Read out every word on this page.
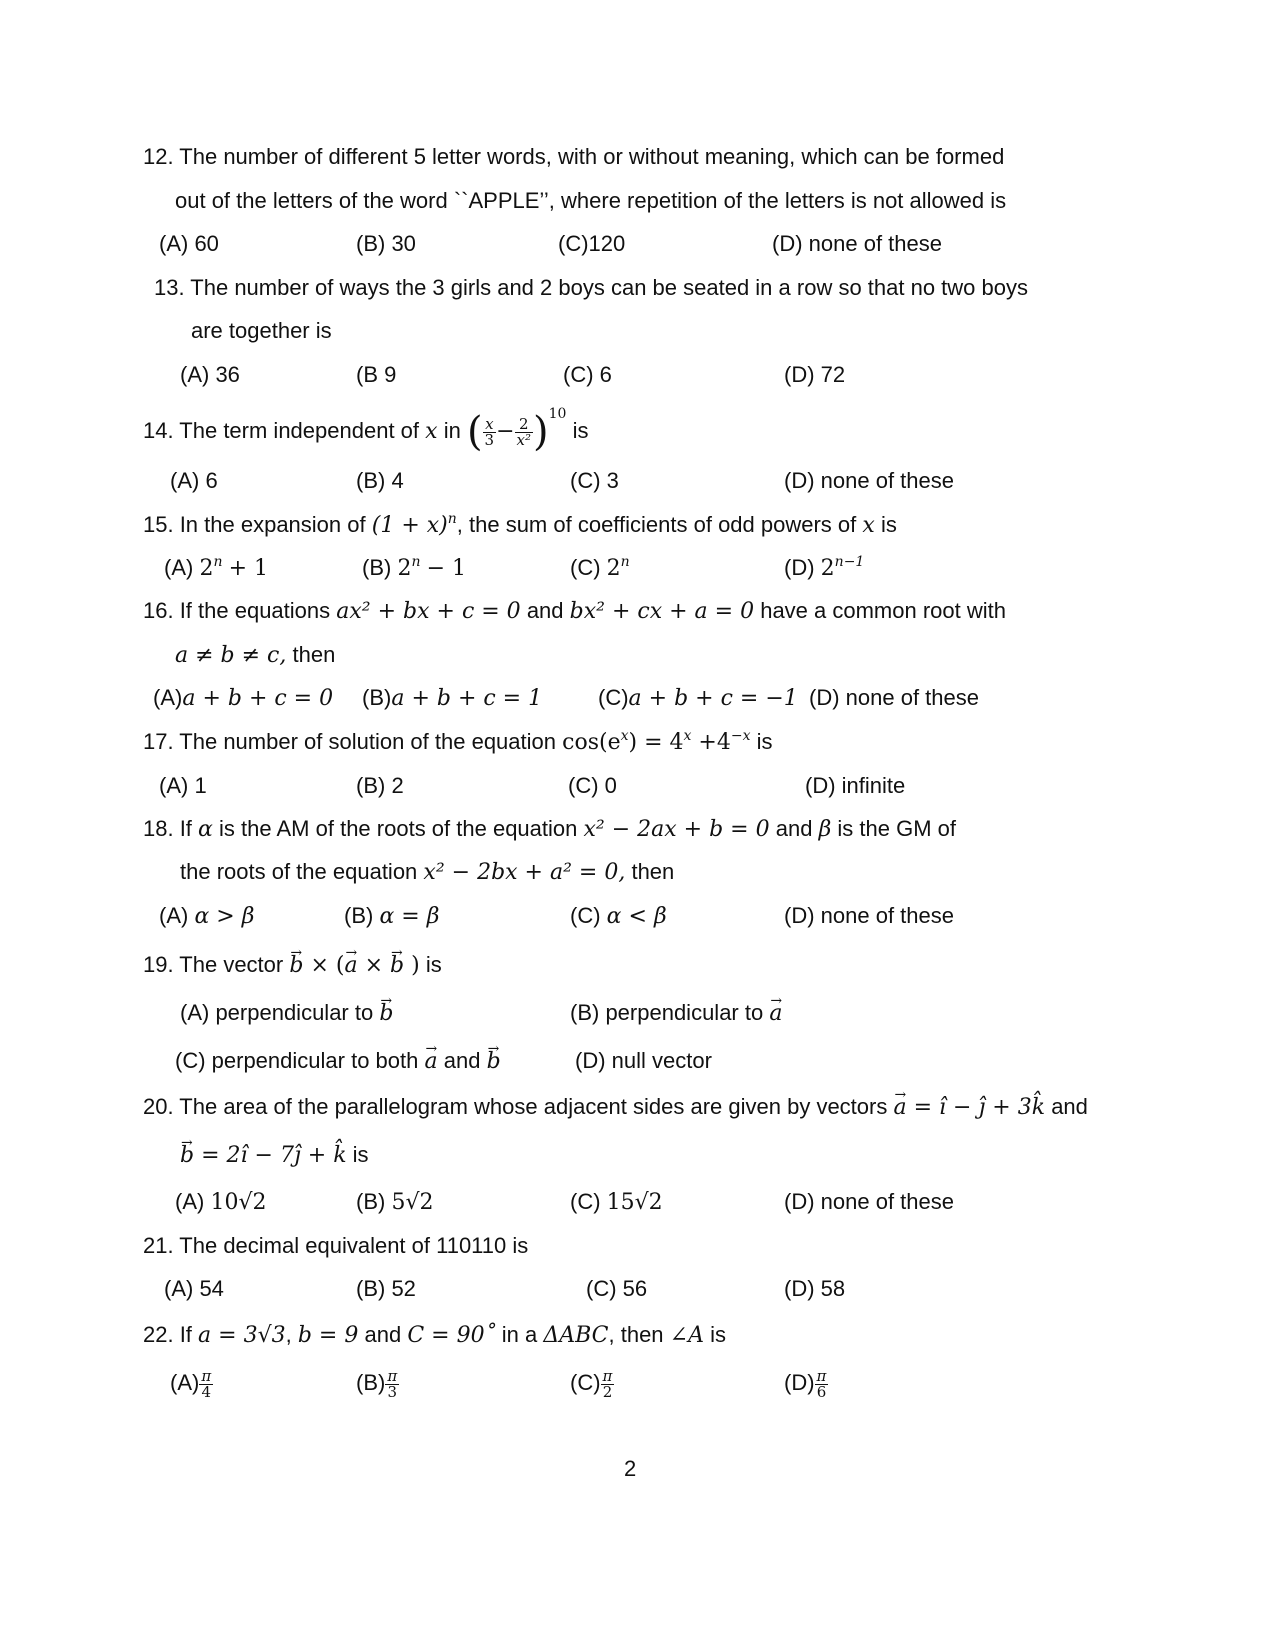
12. The number of different 5 letter words, with or without meaning, which can be formed
out of the letters of the word ``APPLE’’, where repetition of the letters is not allowed is
(A) 60	(B) 30	(C)120	(D) none of these
13. The number of ways the 3 girls and 2 boys can be seated in a row so that no two boys
are together is
(A) 36	(B 9	(C) 6	(D) 72
14. The term independent of x in ( $\frac{x}{3} - \frac{2}{\text{x²}} )^{10}$ is
(A) 6	(B) 4	(C) 3	(D) none of these
15. In the expansion of $(1 + x)^n$, the sum of coefficients of odd powers of x is
(A) $2^n + 1$	(B) $2^n - 1$	(C) 2$^n$	(D) $2^{n-1}$
16. If the equations ax² + bx + c = 0 and bx² + cx + a = 0 have a common root with
a ≠ b ≠ c, then
(A)a + b + c = 0 (B)a + b + c = 1	(C)a + b + c = −1 (D) none of these
17. The number of solution of the equation $\cos(e^x) = 4^x +4^{-x}$ is
(A) 1	(B) 2	(C) 0	(D) infinite
18. If α is the AM of the roots of the equation x² − 2ax + b = 0 and β is the GM of
the roots of the equation x² − 2bx + a² = 0, then
(A) α > β	(B) α = β	(C) α < β	(D) none of these
19. The vector → b × (→ a × → b ) is
(A) perpendicular to → b	(B) perpendicular to → a
(C) perpendicular to both → a and → b	(D) null vector
20. The area of the parallelogram whose adjacent sides are given by vectors → a = î − ĵ + 3k̂ and
→ b = 2î − 7ĵ + k̂ is
(A) 10√2	(B) 5√2	(C) 15√2	(D) none of these
21. The decimal equivalent of 110110 is
(A) 54	(B) 52	(C) 56	(D) 58
22. If a = 3√3, b = 9 and C = 90˚ in a ΔABC, then ∠A is
$(A) \frac{\pi}{4}$	$(B) \frac{\pi}{3}$	$(C) \frac{\pi}{2}$	$(D) \frac{\pi}{6}$
2
